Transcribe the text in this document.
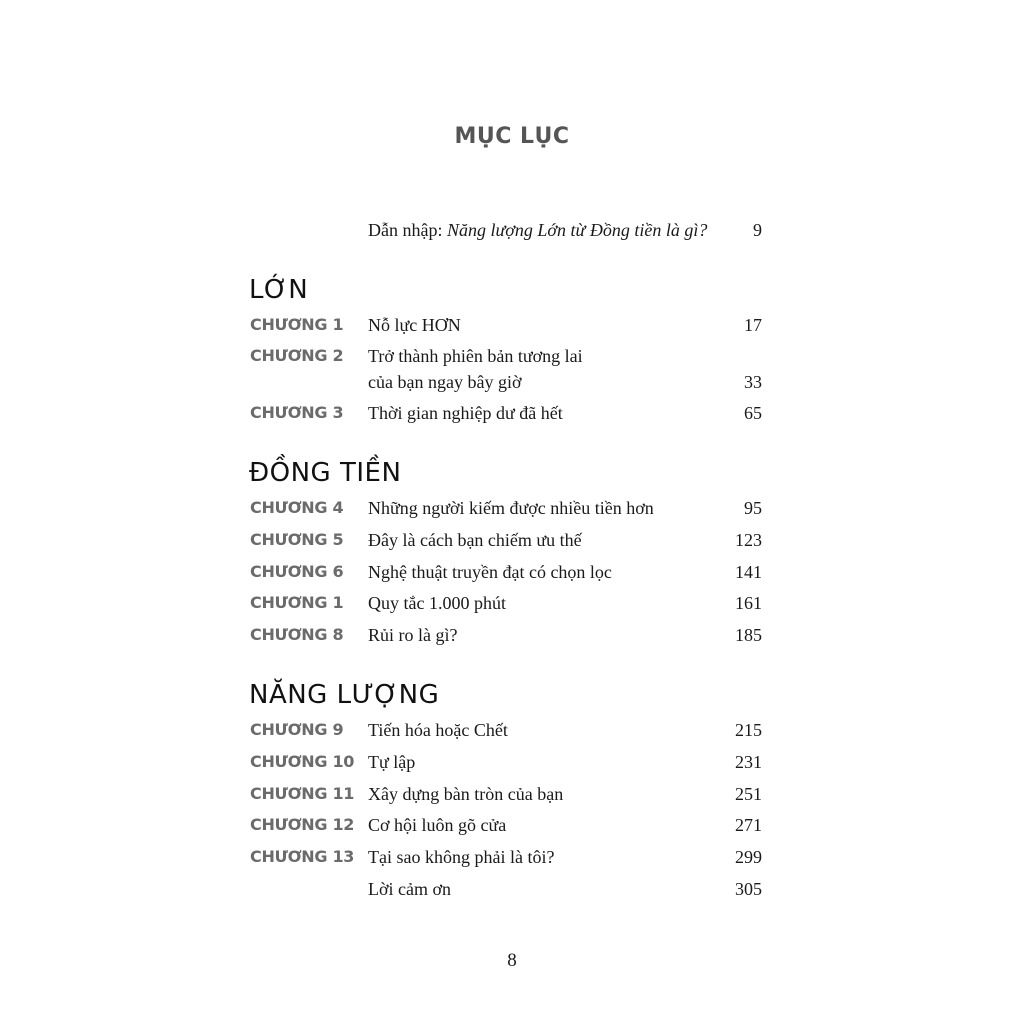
MỤC LỤC
Dẫn nhập: Năng lượng Lớn từ Đồng tiền là gì?	9
LỚN
CHƯƠNG 1 Nỗ lực HƠN	17
CHƯƠNG 2 Trở thành phiên bản tương lai
của bạn ngay bây giờ	33
CHƯƠNG 3 Thời gian nghiệp dư đã hết	65
ĐỒNG TIỀN
CHƯƠNG 4 Những người kiếm được nhiều tiền hơn	95
CHƯƠNG 5 Đây là cách bạn chiếm ưu thế	123
CHƯƠNG 6 Nghệ thuật truyền đạt có chọn lọc	141
CHƯƠNG 1 Quy tắc 1.000 phút	161
CHƯƠNG 8 Rủi ro là gì?	185
NĂNG LƯỢNG
CHƯƠNG 9 Tiến hóa hoặc Chết	215
CHƯƠNG 10 Tự lập	231
CHƯƠNG 11 Xây dựng bàn tròn của bạn	251
CHƯƠNG 12 Cơ hội luôn gõ cửa	271
CHƯƠNG 13 Tại sao không phải là tôi?	299
Lời cảm ơn	305
8
